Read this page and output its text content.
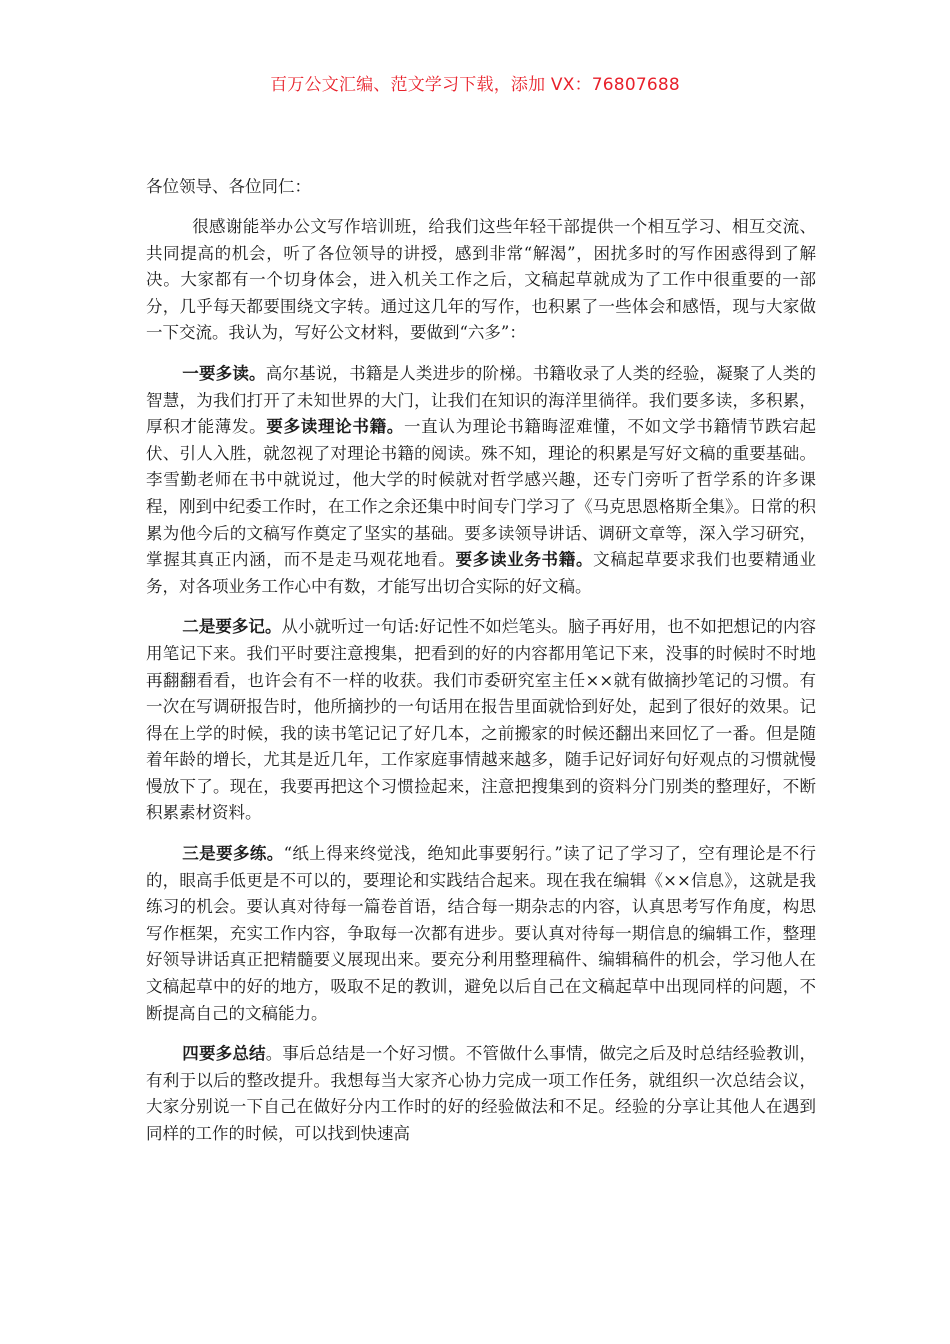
百万公文汇编、范文学习下载，添加 VX：76807688

各位领导、各位同仁：

很感谢能举办公文写作培训班，给我们这些年轻干部提供一个相互学习、相互交流、共同提高的机会，听了各位领导的讲授，感到非常“解渴”，困扰多时的写作困惑得到了解决。大家都有一个切身体会，进入机关工作之后，文稿起草就成为了工作中很重要的一部分，几乎每天都要围绕文字转。通过这几年的写作，也积累了一些体会和感悟，现与大家做一下交流。我认为，写好公文材料，要做到“六多”：

一要多读。高尔基说，书籍是人类进步的阶梯。书籍收录了人类的经验，凝聚了人类的智慧，为我们打开了未知世界的大门，让我们在知识的海洋里徜徉。我们要多读，多积累，厚积才能薄发。要多读理论书籍。一直认为理论书籍晦涩难懂，不如文学书籍情节跌宕起伏、引人入胜，就忽视了对理论书籍的阅读。殊不知，理论的积累是写好文稿的重要基础。李雪勤老师在书中就说过，他大学的时候就对哲学感兴趣，还专门旁听了哲学系的许多课程，刚到中纪委工作时，在工作之余还集中时间专门学习了《马克思恩格斯全集》。日常的积累为他今后的文稿写作奠定了坚实的基础。要多读领导讲话、调研文章等，深入学习研究，掌握其真正内涵，而不是走马观花地看。要多读业务书籍。文稿起草要求我们也要精通业务，对各项业务工作心中有数，才能写出切合实际的好文稿。

二是要多记。从小就听过一句话:好记性不如烂笔头。脑子再好用，也不如把想记的内容用笔记下来。我们平时要注意搜集，把看到的好的内容都用笔记下来，没事的时候时不时地再翻翻看看，也许会有不一样的收获。我们市委研究室主任××就有做摘抄笔记的习惯。有一次在写调研报告时，他所摘抄的一句话用在报告里面就恰到好处，起到了很好的效果。记得在上学的时候，我的读书笔记记了好几本，之前搬家的时候还翻出来回忆了一番。但是随着年龄的增长，尤其是近几年，工作家庭事情越来越多，随手记好词好句好观点的习惯就慢慢放下了。现在，我要再把这个习惯捡起来，注意把搜集到的资料分门别类的整理好，不断积累素材资料。

三是要多练。“纸上得来终觉浅，绝知此事要躬行。”读了记了学习了，空有理论是不行的，眼高手低更是不可以的，要理论和实践结合起来。现在我在编辑《××信息》，这就是我练习的机会。要认真对待每一篇卷首语，结合每一期杂志的内容，认真思考写作角度，构思写作框架，充实工作内容，争取每一次都有进步。要认真对待每一期信息的编辑工作，整理好领导讲话真正把精髓要义展现出来。要充分利用整理稿件、编辑稿件的机会，学习他人在文稿起草中的好的地方，吸取不足的教训，避免以后自己在文稿起草中出现同样的问题，不断提高自己的文稿能力。

四要多总结。事后总结是一个好习惯。不管做什么事情，做完之后及时总结经验教训，有利于以后的整改提升。我想每当大家齐心协力完成一项工作任务，就组织一次总结会议，大家分别说一下自己在做好分内工作时的好的经验做法和不足。经验的分享让其他人在遇到同样的工作的时候，可以找到快速高
